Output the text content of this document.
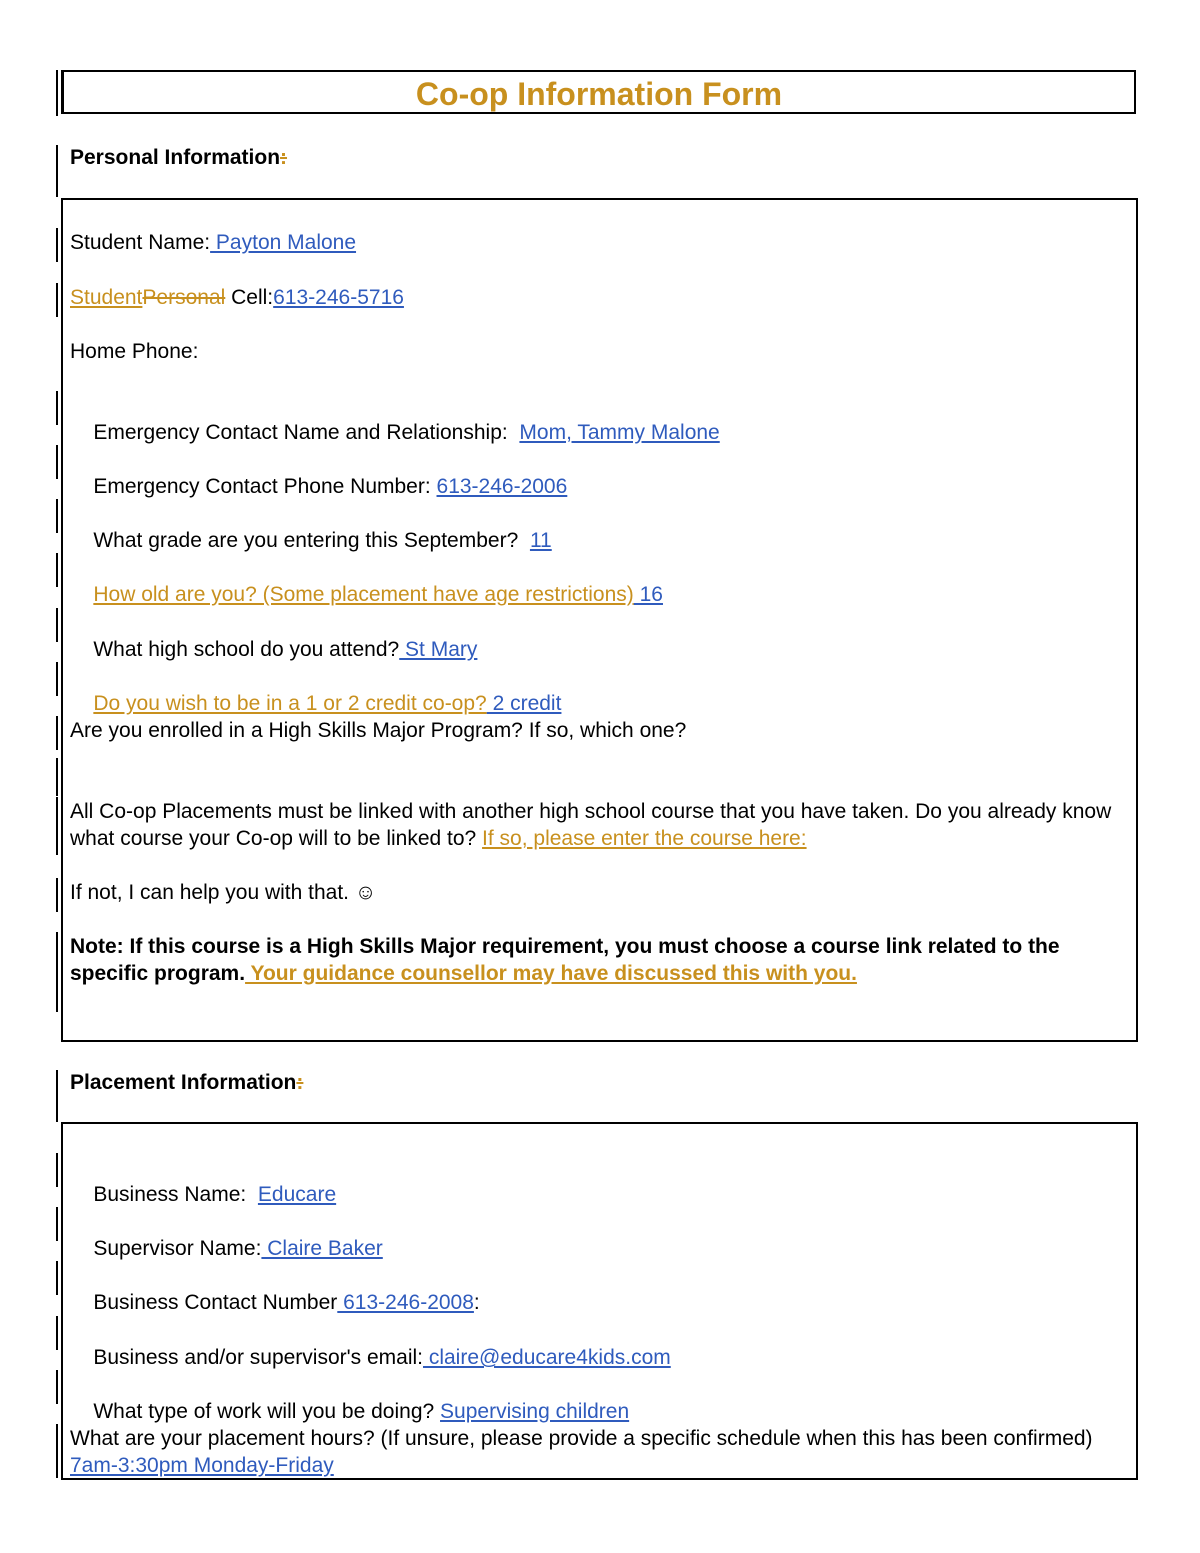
Co-op Information Form
Personal Information:
Student Name: Payton Malone
StudentPersonal Cell:613-246-5716
Home Phone:

Emergency Contact Name and Relationship:  Mom, Tammy Malone

Emergency Contact Phone Number: 613-246-2006

What grade are you entering this September?  11

How old are you? (Some placement have age restrictions) 16

What high school do you attend? St Mary

Do you wish to be in a 1 or 2 credit co-op? 2 credit

Are you enrolled in a High Skills Major Program? If so, which one?
All Co-op Placements must be linked with another high school course that you have taken. Do you already know what course your Co-op will to be linked to? If so, please enter the course here:
If not, I can help you with that. ☺
Note: If this course is a High Skills Major requirement, you must choose a course link related to the specific program. Your guidance counsellor may have discussed this with you.
Placement Information:

Business Name:  Educare

Supervisor Name: Claire Baker

Business Contact Number 613-246-2008:

Business and/or supervisor's email: claire@educare4kids.com

What type of work will you be doing? Supervising children

What are your placement hours? (If unsure, please provide a specific schedule when this has been confirmed) 7am-3:30pm Monday-Friday
